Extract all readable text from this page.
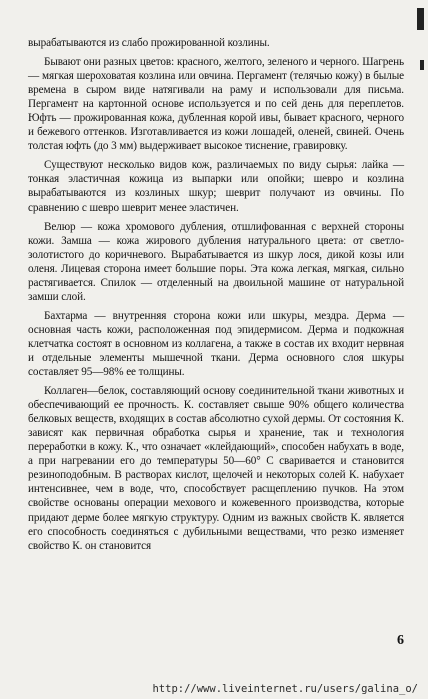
вырабатываются из слабо прожированной козлины.

Бывают они разных цветов: красного, желтого, зеленого и черного. Шагрень — мягкая шероховатая козлина или овчина. Пергамент (телячью кожу) в былые времена в сыром виде натягивали на раму и использовали для письма. Пергамент на картонной основе используется и по сей день для переплетов. Юфть — прожированная кожа, дубленная корой ивы, бывает красного, черного и бежевого оттенков. Изготавливается из кожи лошадей, оленей, свиней. Очень толстая юфть (до 3 мм) выдерживает высокое тиснение, гравировку.

Существуют несколько видов кож, различаемых по виду сырья: лайка — тонкая эластичная кожица из выпарки или опойки; шевро и козлина вырабатываются из козлиных шкур; шеврит получают из овчины. По сравнению с шевро шеврит менее эластичен.

Велюр — кожа хромового дубления, отшлифованная с верхней стороны кожи. Замша — кожа жирового дубления натурального цвета: от светло-золотистого до коричневого. Вырабатывается из шкур лося, дикой козы или оленя. Лицевая сторона имеет большие поры. Эта кожа легкая, мягкая, сильно растягивается. Спилок — отделенный на двоильной машине от натуральной замши слой.

Бахтарма — внутренняя сторона кожи или шкуры, мездра. Дерма — основная часть кожи, расположенная под эпидермисом. Дерма и подкожная клетчатка состоят в основном из коллагена, а также в состав их входит нервная и отдельные элементы мышечной ткани. Дерма основного слоя шкуры составляет 95—98% ее толщины.

Коллаген—белок, составляющий основу соединительной ткани животных и обеспечивающий ее прочность. К. составляет свыше 90% общего количества белковых веществ, входящих в состав абсолютно сухой дермы. От состояния К. зависят как первичная обработка сырья и хранение, так и технология переработки в кожу. К., что означает «клейдающий», способен набухать в воде, а при нагревании его до температуры 50—60° С сваривается и становится резиноподобным. В растворах кислот, щелочей и некоторых солей К. набухает интенсивнее, чем в воде, что, способствует расщеплению пучков. На этом свойстве основаны операции мехового и кожевенного производства, которые придают дерме более мягкую структуру. Одним из важных свойств К. является его способность соединяться с дубильными веществами, что резко изменяет свойство К. он становится

6
http://www.liveinternet.ru/users/galina_o/
